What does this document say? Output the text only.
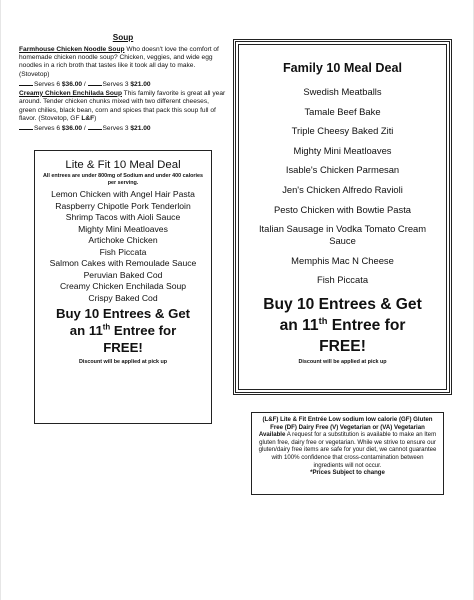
Soup

Farmhouse Chicken Noodle Soup Who doesn't love the comfort of homemade chicken noodle soup? Chicken, veggies, and wide egg noodles in a rich broth that tastes like it took all day to make. (Stovetop)
Serves 6 $36.00 / Serves 3 $21.00

Creamy Chicken Enchilada Soup This family favorite is great all year around. Tender chicken chunks mixed with two different cheeses, green chilies, black bean, corn and spices that pack this soup full of flavor. (Stovetop, GF L&F)
Serves 6 $36.00 / Serves 3 $21.00

Lite & Fit 10 Meal Deal
All entrees are under 800mg of Sodium and under 400 calories per serving.
Lemon Chicken with Angel Hair Pasta
Raspberry Chipotle Pork Tenderloin
Shrimp Tacos with Aioli Sauce
Mighty Mini Meatloaves
Artichoke Chicken
Fish Piccata
Salmon Cakes with Remoulade Sauce
Peruvian Baked Cod
Creamy Chicken Enchilada Soup
Crispy Baked Cod
Buy 10 Entrees & Get
an 11th Entree for
FREE!
Discount will be applied at pick up
Family 10 Meal Deal
Swedish Meatballs
Tamale Beef Bake
Triple Cheesy Baked Ziti
Mighty Mini Meatloaves
Isable's Chicken Parmesan
Jen's Chicken Alfredo Ravioli
Pesto Chicken with Bowtie Pasta
Italian Sausage in Vodka Tomato Cream Sauce
Memphis Mac N Cheese
Fish Piccata
Buy 10 Entrees & Get
an 11th Entree for
FREE!
Discount will be applied at pick up
(L&F) Lite & Fit Entrée Low sodium low calorie (GF) Gluten Free (DF) Dairy Free (V) Vegetarian or (VA) Vegetarian Available A request for a substitution is available to make an Item gluten free, dairy free or vegetarian. While we strive to ensure our gluten/dairy free items are safe for your diet, we cannot guarantee with 100% confidence that cross-contamination between ingredients will not occur.
*Prices Subject to change
